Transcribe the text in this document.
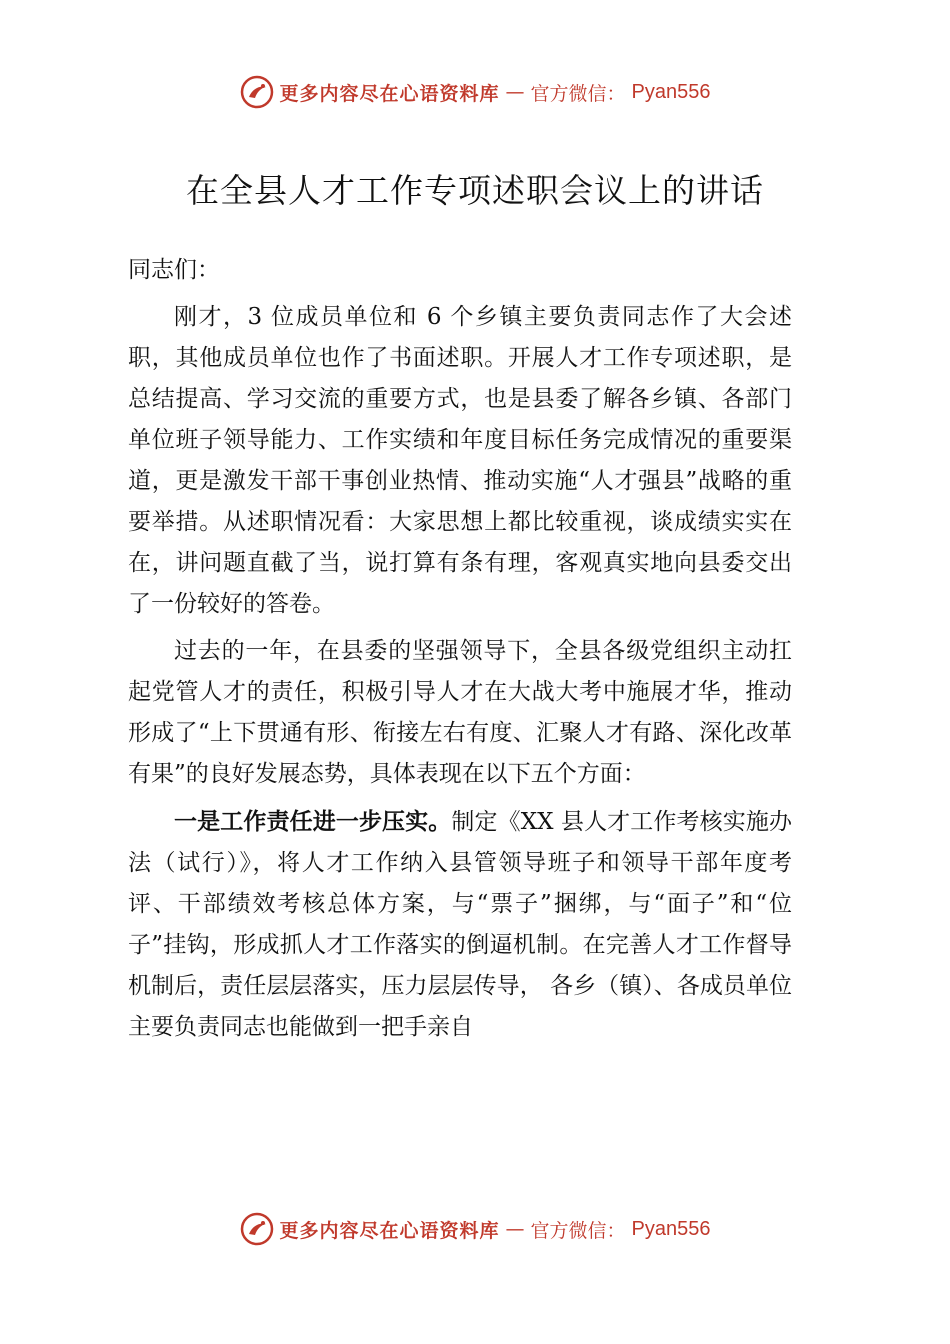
更多内容尽在心语资料库 — 官方微信： Pyan556
在全县人才工作专项述职会议上的讲话

同志们：

刚才，3 位成员单位和 6 个乡镇主要负责同志作了大会述职，其他成员单位也作了书面述职。开展人才工作专项述职，是总结提高、学习交流的重要方式，也是县委了解各乡镇、各部门单位班子领导能力、工作实绩和年度目标任务完成情况的重要渠道，更是激发干部干事创业热情、推动实施“人才强县”战略的重要举措。从述职情况看：大家思想上都比较重视，谈成绩实实在在，讲问题直截了当，说打算有条有理，客观真实地向县委交出了一份较好的答卷。

过去的一年，在县委的坚强领导下，全县各级党组织主动扛起党管人才的责任，积极引导人才在大战大考中施展才华，推动形成了“上下贯通有形、衔接左右有度、汇聚人才有路、深化改革有果”的良好发展态势，具体表现在以下五个方面：

一是工作责任进一步压实。制定《XX 县人才工作考核实施办法（试行）》，将人才工作纳入县管领导班子和领导干部年度考评、干部绩效考核总体方案，与“票子”捆绑，与“面子”和“位子”挂钩，形成抓人才工作落实的倒逼机制。在完善人才工作督导机制后，责任层层落实，压力层层传导， 各乡（镇）、各成员单位主要负责同志也能做到一把手亲自

更多内容尽在心语资料库 — 官方微信： Pyan556
